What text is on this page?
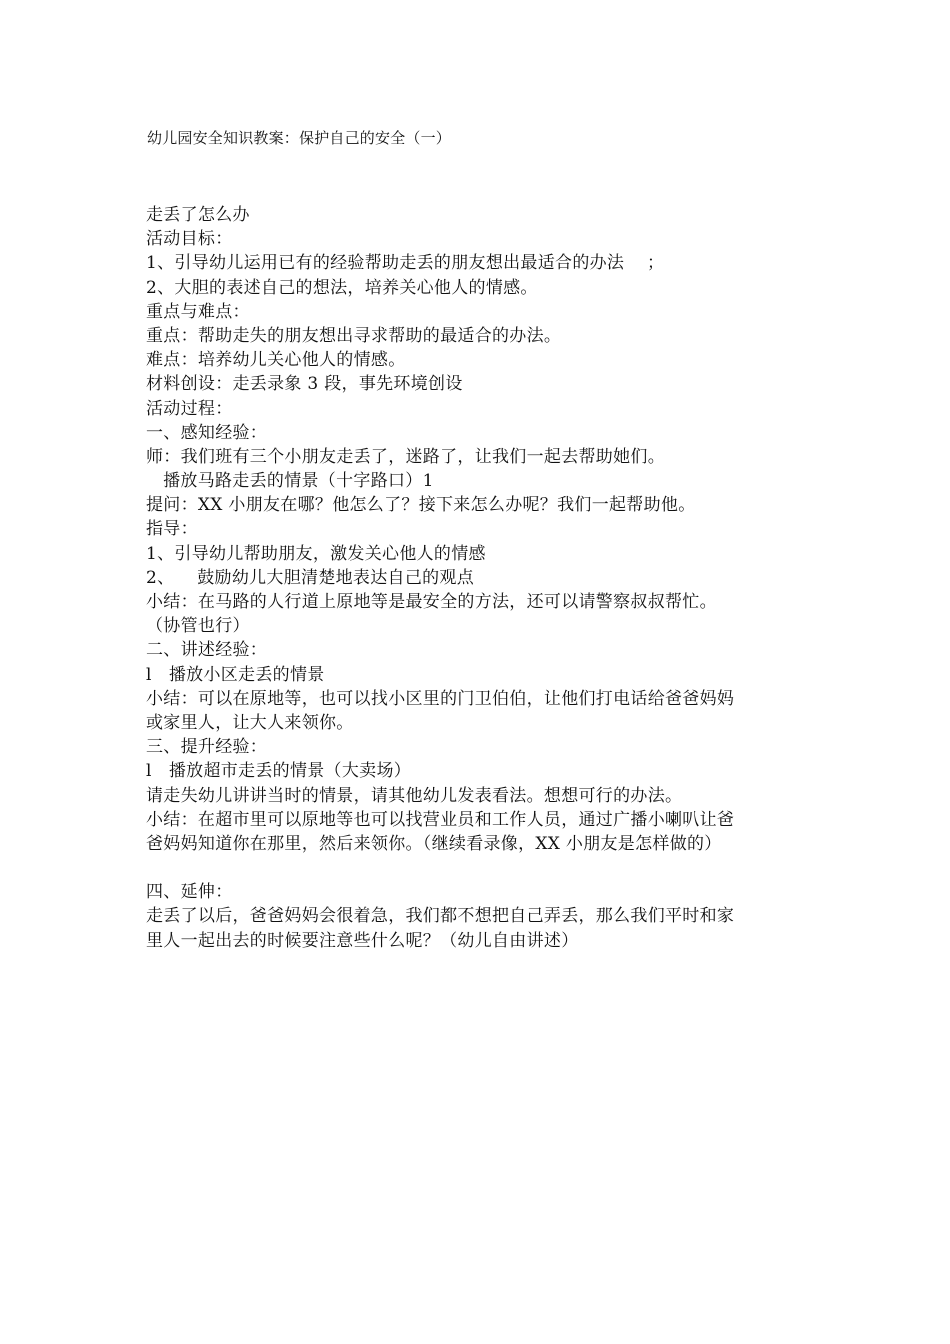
幼儿园安全知识教案：保护自己的安全（一）
走丢了怎么办
活动目标：
1、引导幼儿运用已有的经验帮助走丢的朋友想出最适合的办法    ；
2、大胆的表述自己的想法，培养关心他人的情感。
重点与难点：
重点：帮助走失的朋友想出寻求帮助的最适合的办法。
难点：培养幼儿关心他人的情感。
材料创设：走丢录象 3 段，事先环境创设
活动过程：
一、感知经验：
师：我们班有三个小朋友走丢了，迷路了，让我们一起去帮助她们。
播放马路走丢的情景（十字路口）1
提问：XX 小朋友在哪？他怎么了？接下来怎么办呢？我们一起帮助他。
指导：
1、引导幼儿帮助朋友，激发关心他人的情感
2、    鼓励幼儿大胆清楚地表达自己的观点
小结：在马路的人行道上原地等是最安全的方法，还可以请警察叔叔帮忙。
（协管也行）
二、讲述经验：
l   播放小区走丢的情景
小结：可以在原地等，也可以找小区里的门卫伯伯，让他们打电话给爸爸妈妈
或家里人，让大人来领你。
三、提升经验：
l   播放超市走丢的情景（大卖场）
请走失幼儿讲讲当时的情景，请其他幼儿发表看法。想想可行的办法。
小结：在超市里可以原地等也可以找营业员和工作人员，通过广播小喇叭让爸
爸妈妈知道你在那里，然后来领你。（继续看录像，XX 小朋友是怎样做的）
四、延伸：
走丢了以后，爸爸妈妈会很着急，我们都不想把自己弄丢，那么我们平时和家
里人一起出去的时候要注意些什么呢？（幼儿自由讲述）
